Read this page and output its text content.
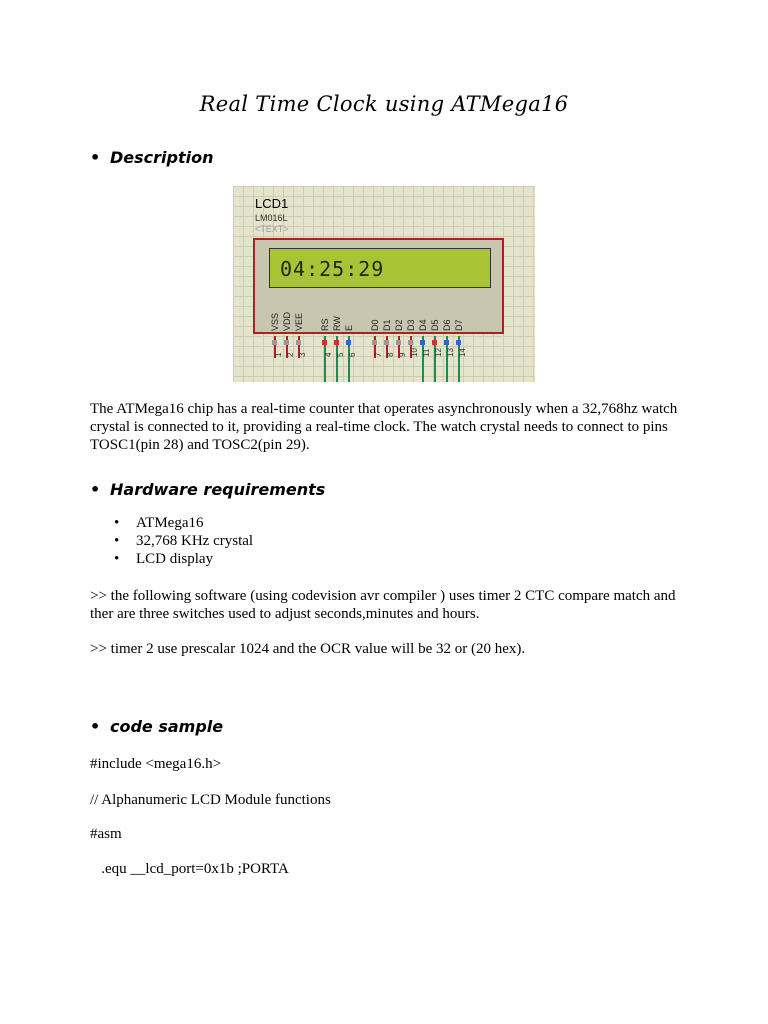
Real Time Clock using ATMega16
• Description
LCD1
LM016L
<TEXT>
04:25:29
VSS
1
VDD
2
VEE
3
RS
4
RW
5
E
6
D0
7
D1
8
D2
9
D3
10
D4
11
D5
12
D6
13
D7
14
The ATMega16 chip has a real-time counter that operates asynchronously when a 32,768hz watch crystal is connected to it, providing a real-time clock. The watch crystal needs to connect to pins TOSC1(pin 28) and TOSC2(pin 29).
• Hardware requirements
• ATMega16
• 32,768 KHz crystal
• LCD display
>> the following software (using codevision avr compiler ) uses timer 2 CTC compare match and ther are three switches used to adjust seconds,minutes and hours.
>> timer 2 use prescalar 1024 and the OCR value will be 32 or (20 hex).
• code sample
#include <mega16.h>
// Alphanumeric LCD Module functions
#asm
.equ __lcd_port=0x1b ;PORTA
